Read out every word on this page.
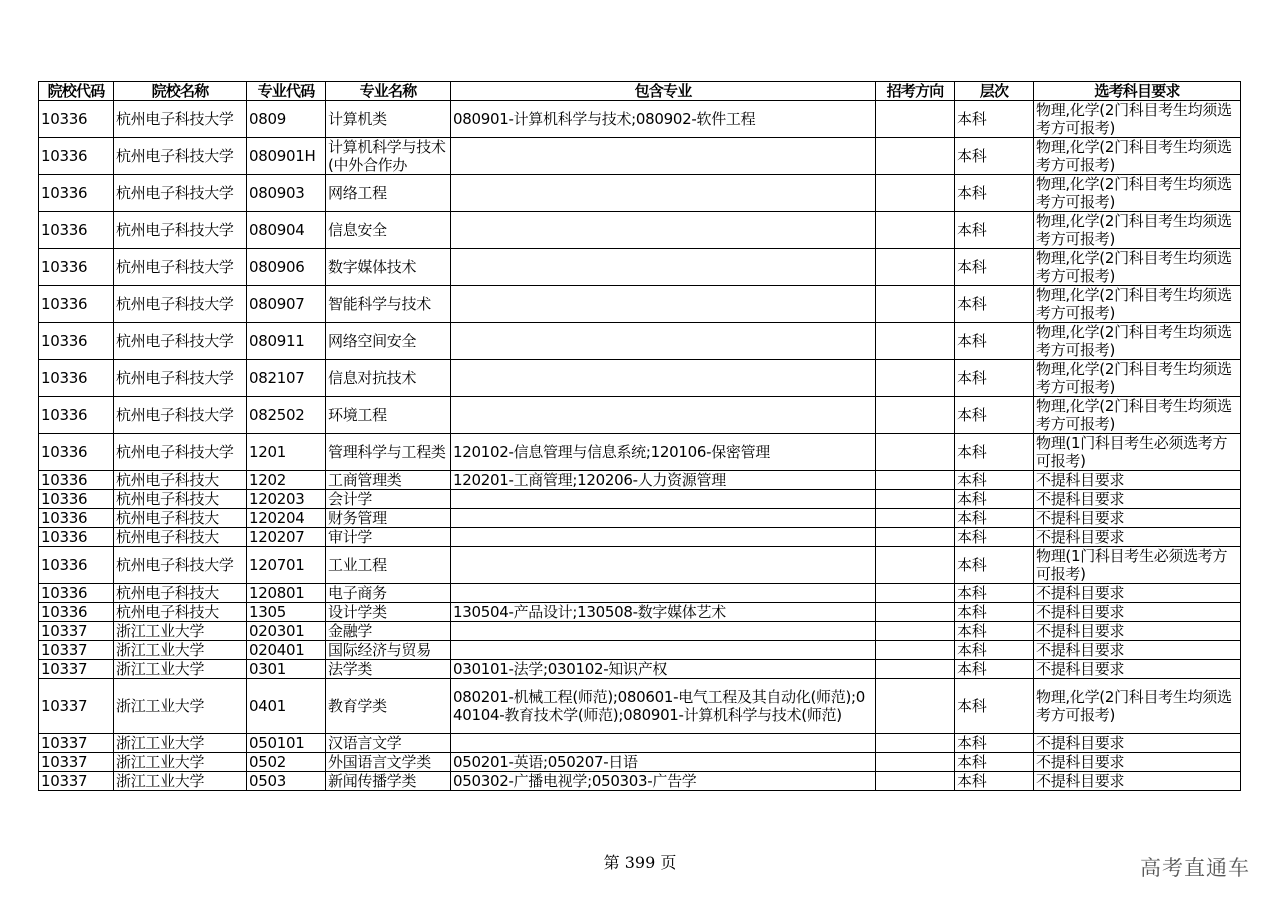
院校代码	院校名称	专业代码	专业名称	包含专业	招考方向	层次	选考科目要求
10336	杭州电子科技大学	0809	计算机类	080901-计算机科学与技术;080902-软件工程		本科	物理,化学(2门科目考生均须选考方可报考)
10336	杭州电子科技大学	080901H	计算机科学与技术(中外合作办			本科	物理,化学(2门科目考生均须选考方可报考)
10336	杭州电子科技大学	080903	网络工程			本科	物理,化学(2门科目考生均须选考方可报考)
10336	杭州电子科技大学	080904	信息安全			本科	物理,化学(2门科目考生均须选考方可报考)
10336	杭州电子科技大学	080906	数字媒体技术			本科	物理,化学(2门科目考生均须选考方可报考)
10336	杭州电子科技大学	080907	智能科学与技术			本科	物理,化学(2门科目考生均须选考方可报考)
10336	杭州电子科技大学	080911	网络空间安全			本科	物理,化学(2门科目考生均须选考方可报考)
10336	杭州电子科技大学	082107	信息对抗技术			本科	物理,化学(2门科目考生均须选考方可报考)
10336	杭州电子科技大学	082502	环境工程			本科	物理,化学(2门科目考生均须选考方可报考)
10336	杭州电子科技大学	1201	管理科学与工程类	120102-信息管理与信息系统;120106-保密管理		本科	物理(1门科目考生必须选考方可报考)
10336	杭州电子科技大	1202	工商管理类	120201-工商管理;120206-人力资源管理		本科	不提科目要求
10336	杭州电子科技大	120203	会计学			本科	不提科目要求
10336	杭州电子科技大	120204	财务管理			本科	不提科目要求
10336	杭州电子科技大	120207	审计学			本科	不提科目要求
10336	杭州电子科技大学	120701	工业工程			本科	物理(1门科目考生必须选考方可报考)
10336	杭州电子科技大	120801	电子商务			本科	不提科目要求
10336	杭州电子科技大	1305	设计学类	130504-产品设计;130508-数字媒体艺术		本科	不提科目要求
10337	浙江工业大学	020301	金融学			本科	不提科目要求
10337	浙江工业大学	020401	国际经济与贸易			本科	不提科目要求
10337	浙江工业大学	0301	法学类	030101-法学;030102-知识产权		本科	不提科目要求
10337	浙江工业大学	0401	教育学类	080201-机械工程(师范);080601-电气工程及其自动化(师范);040104-教育技术学(师范);080901-计算机科学与技术(师范)		本科	物理,化学(2门科目考生均须选考方可报考)
10337	浙江工业大学	050101	汉语言文学			本科	不提科目要求
10337	浙江工业大学	0502	外国语言文学类	050201-英语;050207-日语		本科	不提科目要求
10337	浙江工业大学	0503	新闻传播学类	050302-广播电视学;050303-广告学		本科	不提科目要求
第 399 页	高考直通车
